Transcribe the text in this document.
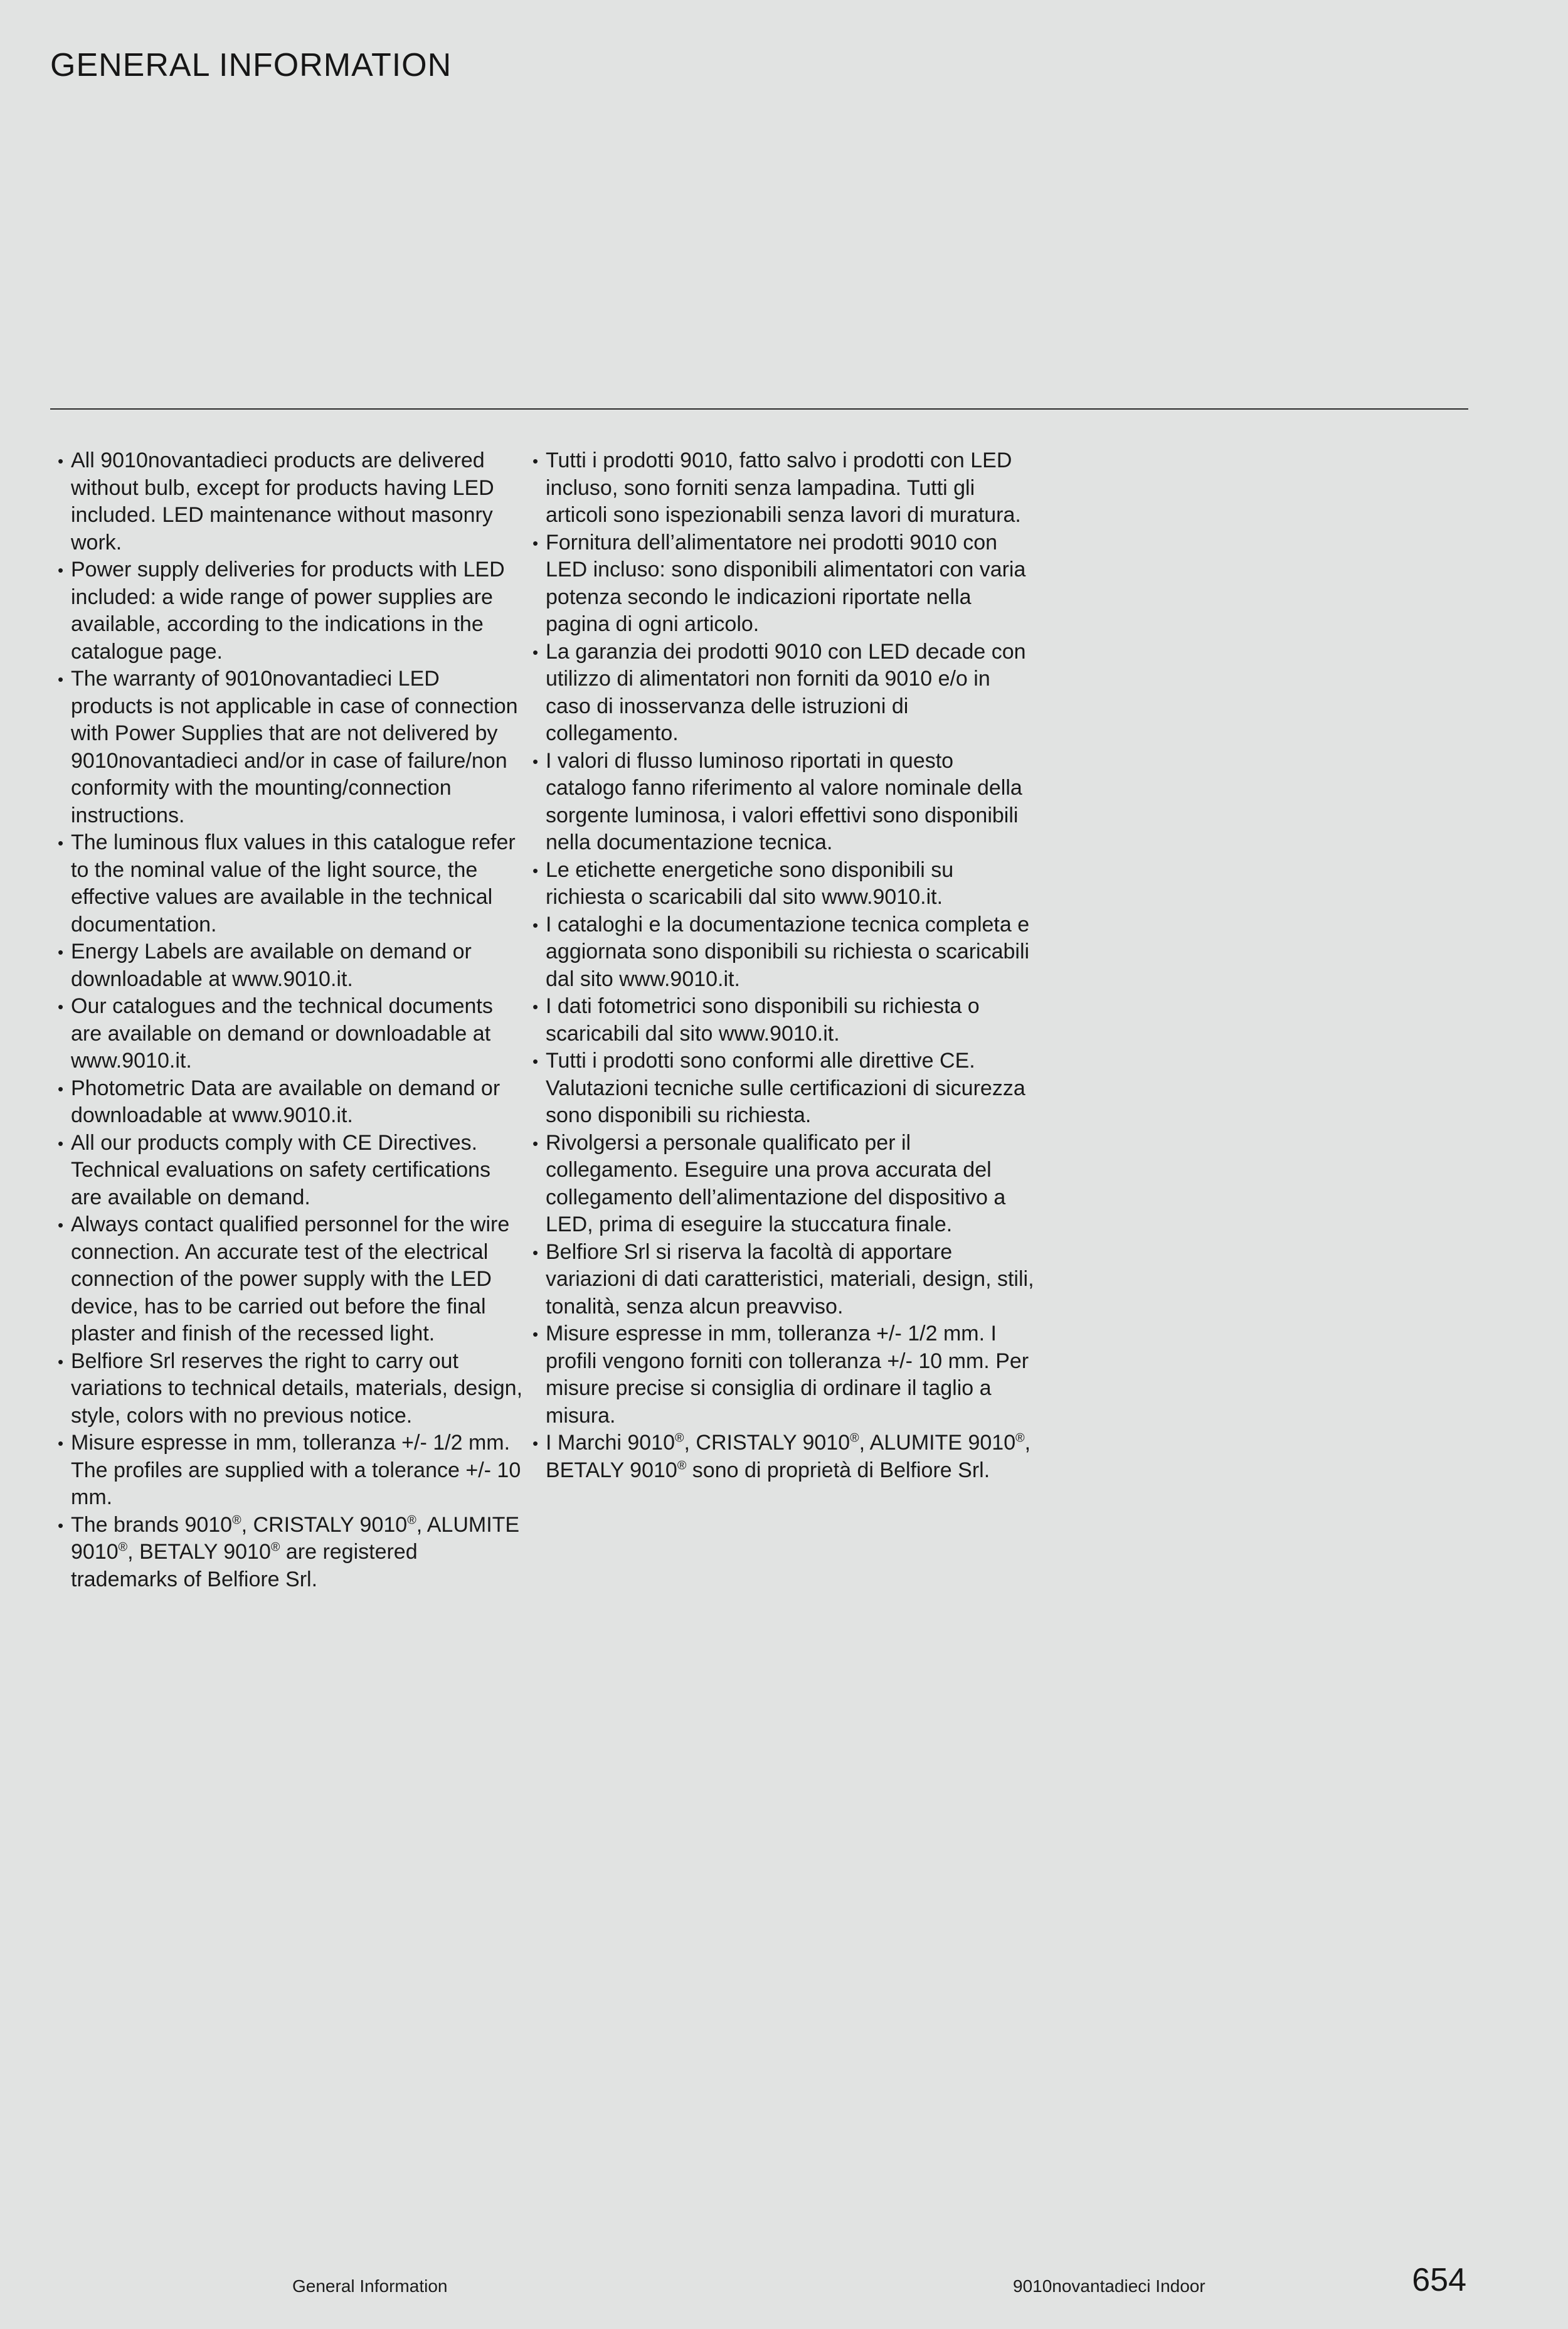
GENERAL INFORMATION
• All 9010novantadieci products are delivered without bulb, except for products having LED included. LED maintenance without masonry work.
• Power supply deliveries for products with LED included: a wide range of power supplies are available, according to the indications in the catalogue page.
• The warranty of 9010novantadieci LED products is not applicable in case of connection with Power Supplies that are not delivered by 9010novantadieci and/or in case of failure/non conformity with the mounting/connection instructions.
• The luminous flux values in this catalogue refer to the nominal value of the light source, the effective values are available in the technical documentation.
• Energy Labels are available on demand or downloadable at www.9010.it.
• Our catalogues and the technical documents are available on demand or downloadable at www.9010.it.
• Photometric Data are available on demand or downloadable at www.9010.it.
• All our products comply with CE Directives. Technical evaluations on safety certifications are available on demand.
• Always contact qualified personnel for the wire connection. An accurate test of the electrical connection of the power supply with the LED device, has to be carried out before the final plaster and finish of the recessed light.
• Belfiore Srl reserves the right to carry out variations to technical details, materials, design, style, colors with no previous notice.
• Misure espresse in mm, tolleranza +/- 1/2 mm. The profiles are supplied with a tolerance +/- 10 mm.
• The brands 9010®, CRISTALY 9010®, ALUMITE 9010®, BETALY 9010® are registered trademarks of Belfiore Srl.
• Tutti i prodotti 9010, fatto salvo i prodotti con LED incluso, sono forniti senza lampadina. Tutti gli articoli sono ispezionabili senza lavori di muratura.
• Fornitura dell’alimentatore nei prodotti 9010 con LED incluso: sono disponibili alimentatori con varia potenza secondo le indicazioni riportate nella pagina di ogni articolo.
• La garanzia dei prodotti 9010 con LED decade con utilizzo di alimentatori non forniti da 9010 e/o in caso di inosservanza delle istruzioni di collegamento.
• I valori di flusso luminoso riportati in questo catalogo fanno riferimento al valore nominale della sorgente luminosa, i valori effettivi sono disponibili nella documentazione tecnica.
• Le etichette energetiche sono disponibili su richiesta o scaricabili dal sito www.9010.it.
• I cataloghi e la documentazione tecnica completa e aggiornata sono disponibili su richiesta o scaricabili dal sito www.9010.it.
• I dati fotometrici sono disponibili su richiesta o scaricabili dal sito www.9010.it.
• Tutti i prodotti sono conformi alle direttive CE. Valutazioni tecniche sulle certificazioni di sicurezza sono disponibili su richiesta.
• Rivolgersi a personale qualificato per il collegamento. Eseguire una prova accurata del collegamento dell’alimentazione del dispositivo a LED, prima di eseguire la stuccatura finale.
• Belfiore Srl si riserva la facoltà di apportare variazioni di dati caratteristici, materiali, design, stili, tonalità, senza alcun preavviso.
• Misure espresse in mm, tolleranza +/- 1/2 mm. I profili vengono forniti con tolleranza +/- 10 mm. Per misure precise si consiglia di ordinare il taglio a misura.
• I Marchi 9010®, CRISTALY 9010®, ALUMITE 9010®, BETALY 9010® sono di proprietà di Belfiore Srl.
General Information	9010novantadieci Indoor	654
